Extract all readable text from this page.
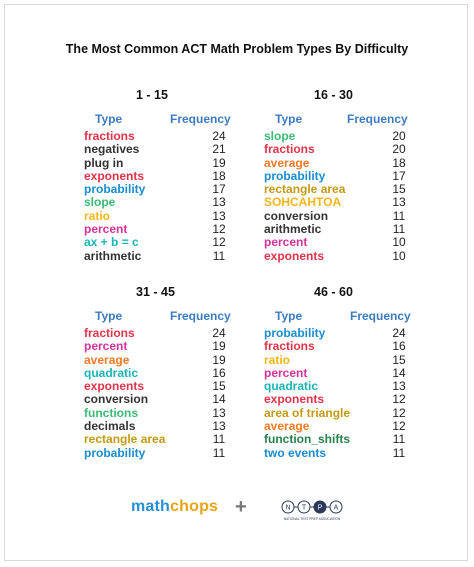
The Most Common ACT Math Problem Types By Difficulty
1 - 15
Type	Frequency
fractions	24
negatives	21
plug in	19
exponents	18
probability	17
slope	13
ratio	13
percent	12
ax + b = c	12
arithmetic	11
16 - 30
Type	Frequency
slope	20
fractions	20
average	18
probability	17
rectangle area	15
SOHCAHTOA	13
conversion	11
arithmetic	11
percent	10
exponents	10
31 - 45
Type	Frequency
fractions	24
percent	19
average	19
quadratic	16
exponents	15
conversion	14
functions	13
decimals	13
rectangle area	11
probability	11
46 - 60
Type	Frequency
probability	24
fractions	16
ratio	15
percent	14
quadratic	13
exponents	12
area of triangle	12
average	12
function_shifts	11
two events	11
mathchops +	N T P A
NATIONAL TEST PREP ASSOCIATION
